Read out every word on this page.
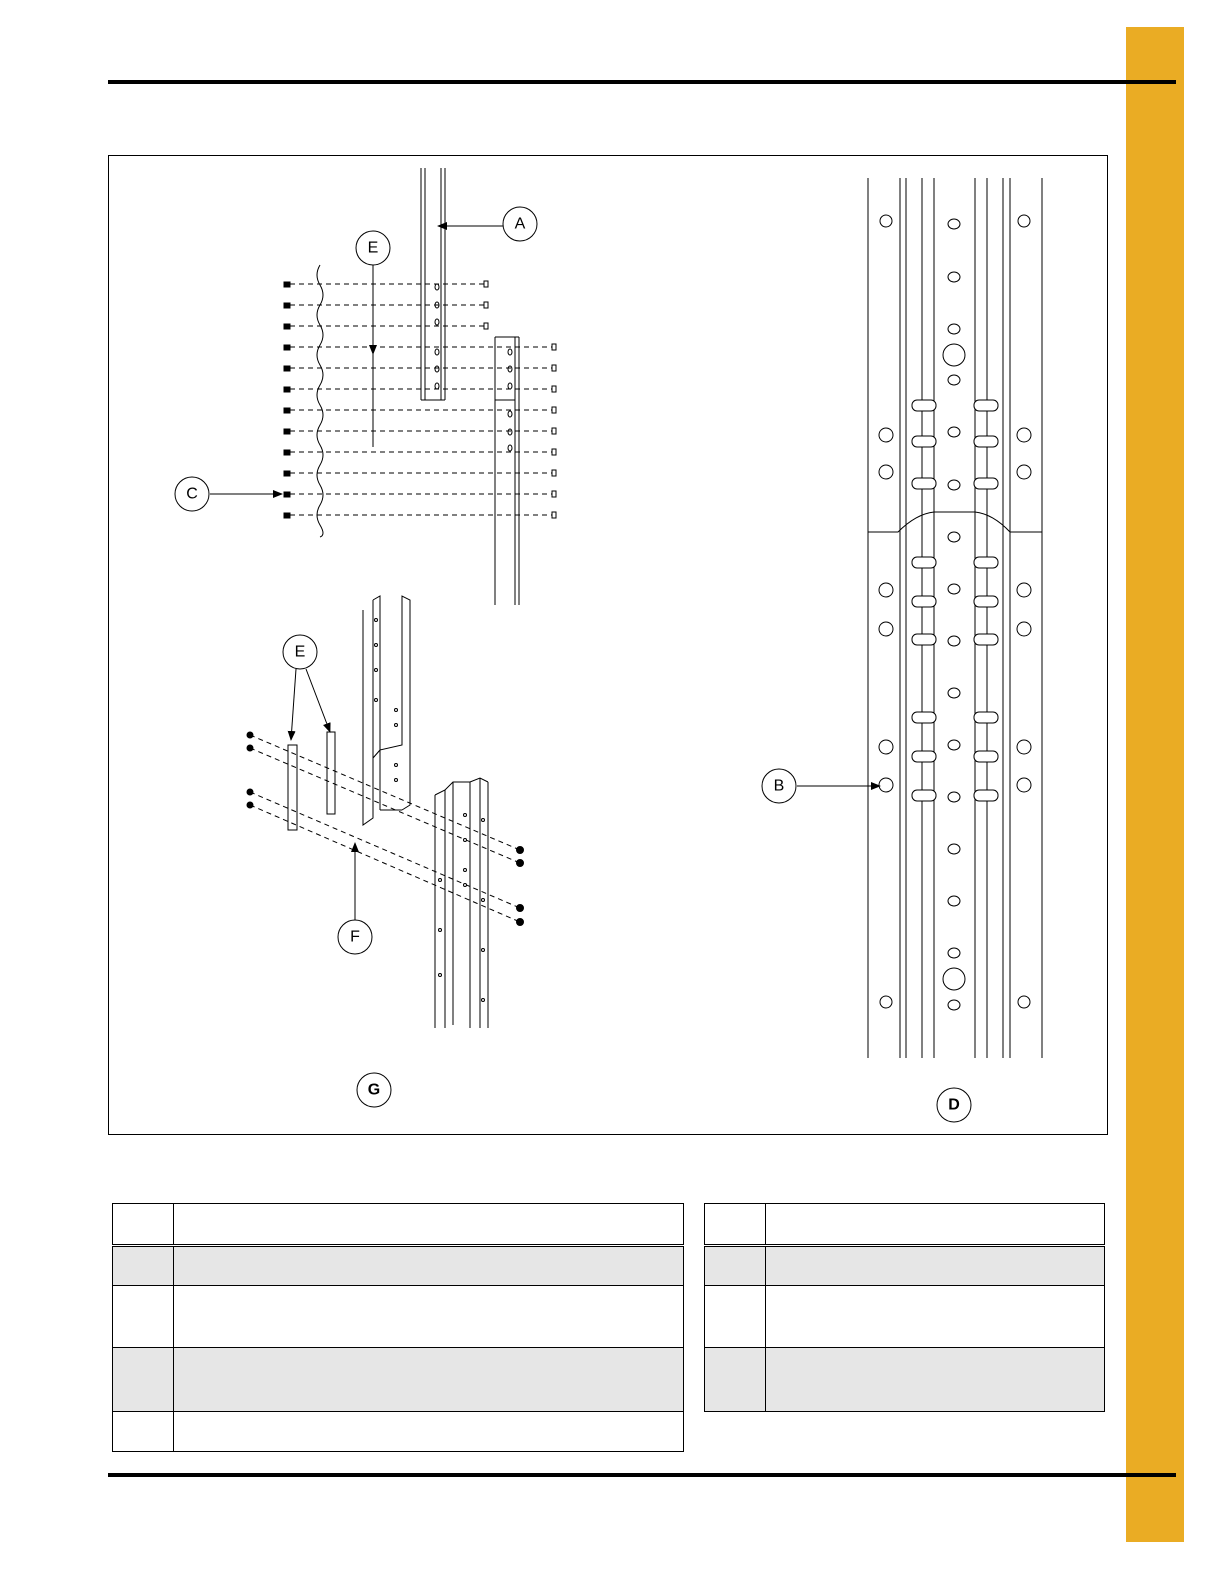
A
E
C
E
F
G
B
D
